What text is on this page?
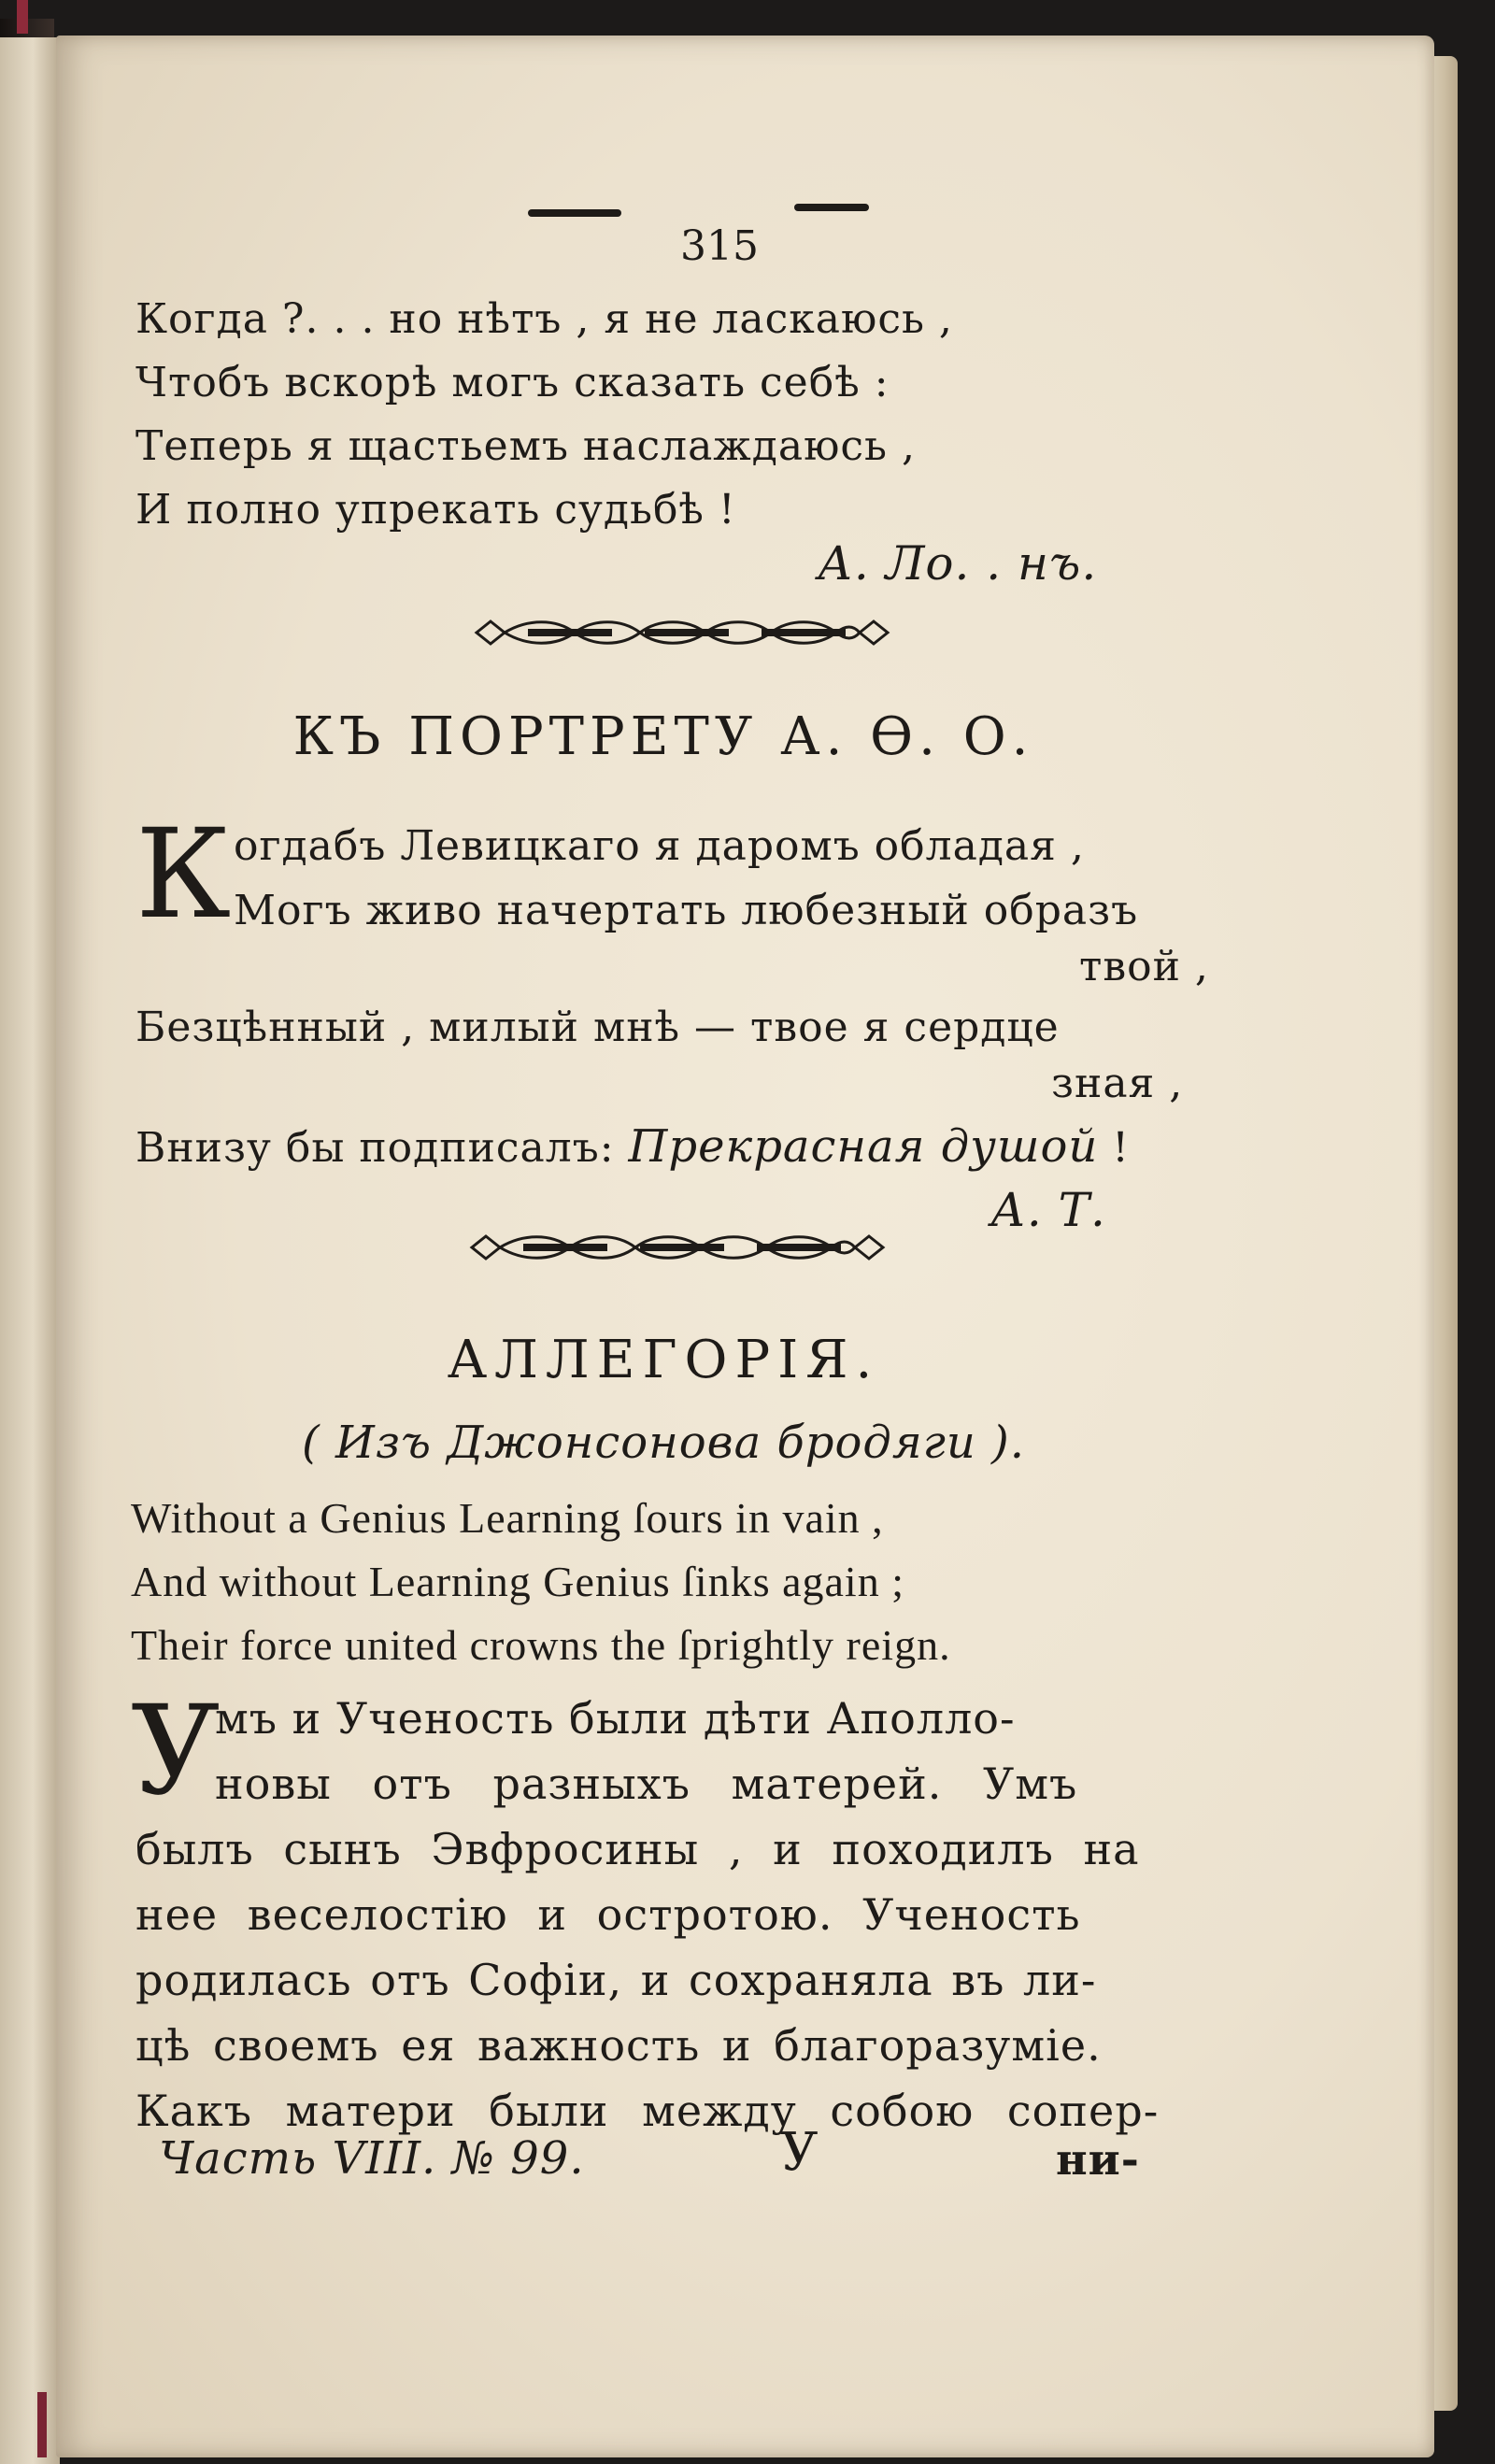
315
Когда ?. . . но нѣтъ , я не ласкаюсь ,
Чтобъ вскорѣ могъ сказать себѣ :
Теперь я щастьемъ наслаждаюсь ,
И полно упрекать судьбѣ !
А. Ло. . нъ.
КЪ ПОРТРЕТУ А. Ѳ. О.
К огдабъ Левицкаго я даромъ обладая ,
Могъ живо начертать любезный образъ
твой ,
Безцѣнный , милый мнѣ — твое я сердце
зная ,
Внизу бы подписалъ: Прекрасная душой !
А. Т.
АЛЛЕГОРІЯ.
( Изъ Джонсонова бродяги ).
Without a Genius Learning ſours in vain ,
And without Learning Genius ſinks again ;
Their force united crowns the ſprightly reign.
У
мъ и Ученость были дѣти Аполло-
новы отъ разныхъ матерей. Умъ
былъ сынъ Эвфросины , и походилъ на
нее веселостію и остротою. Ученость
родилась отъ Софіи, и сохраняла въ ли-
цѣ своемъ ея важность и благоразуміе.
Какъ матери были между собою сопер-
Часть VIII. № 99.	У	ни-
